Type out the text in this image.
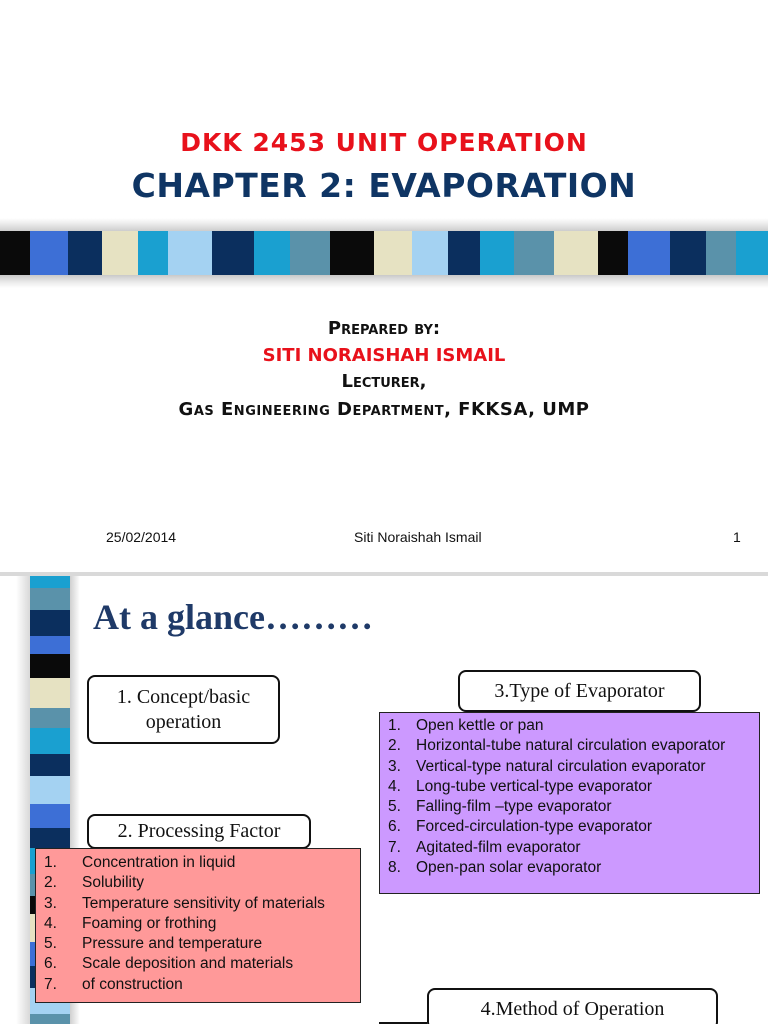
DKK 2453 UNIT OPERATION
CHAPTER 2: EVAPORATION
Prepared by:
SITI NORAISHAH ISMAIL
Lecturer,
Gas Engineering Department, FKKSA, UMP
25/02/2014	Siti Noraishah Ismail	1
At a glance………
1. Concept/basic operation
2. Processing Factor
3.Type of Evaporator
1. Open kettle or pan
2. Horizontal-tube natural circulation evaporator
3. Vertical-type natural circulation evaporator
4. Long-tube vertical-type evaporator
5. Falling-film –type evaporator
6. Forced-circulation-type evaporator
7. Agitated-film evaporator
8. Open-pan solar evaporator
1.	Concentration in liquid
2.	Solubility
3.	Temperature sensitivity of materials
4.	Foaming or frothing
5.	Pressure and temperature
6.	Scale deposition and materials
7.	of construction
4.Method of Operation
